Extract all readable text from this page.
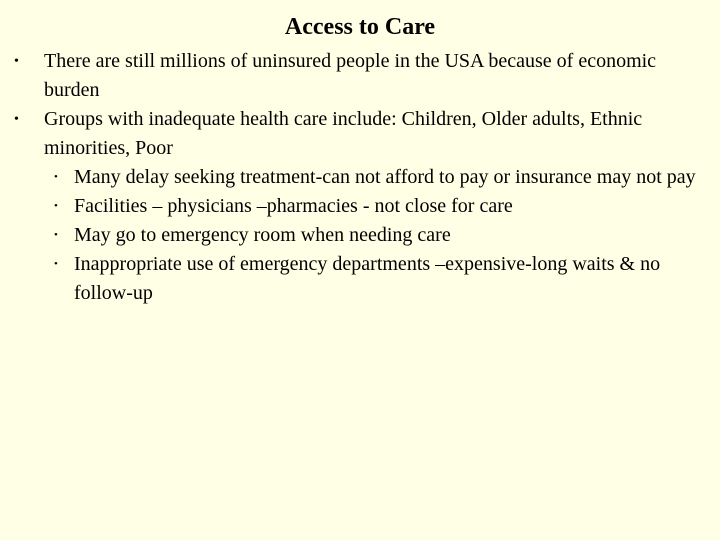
Access to Care
•	There are still millions of uninsured people in the USA because of economic burden
•	Groups with inadequate health care include: Children, Older adults, Ethnic minorities, Poor
• Many delay seeking treatment-can not afford to pay or insurance may not pay
• Facilities – physicians –pharmacies - not close for care
• May go to emergency room when needing care
• Inappropriate use of emergency departments –expensive-long waits & no follow-up
